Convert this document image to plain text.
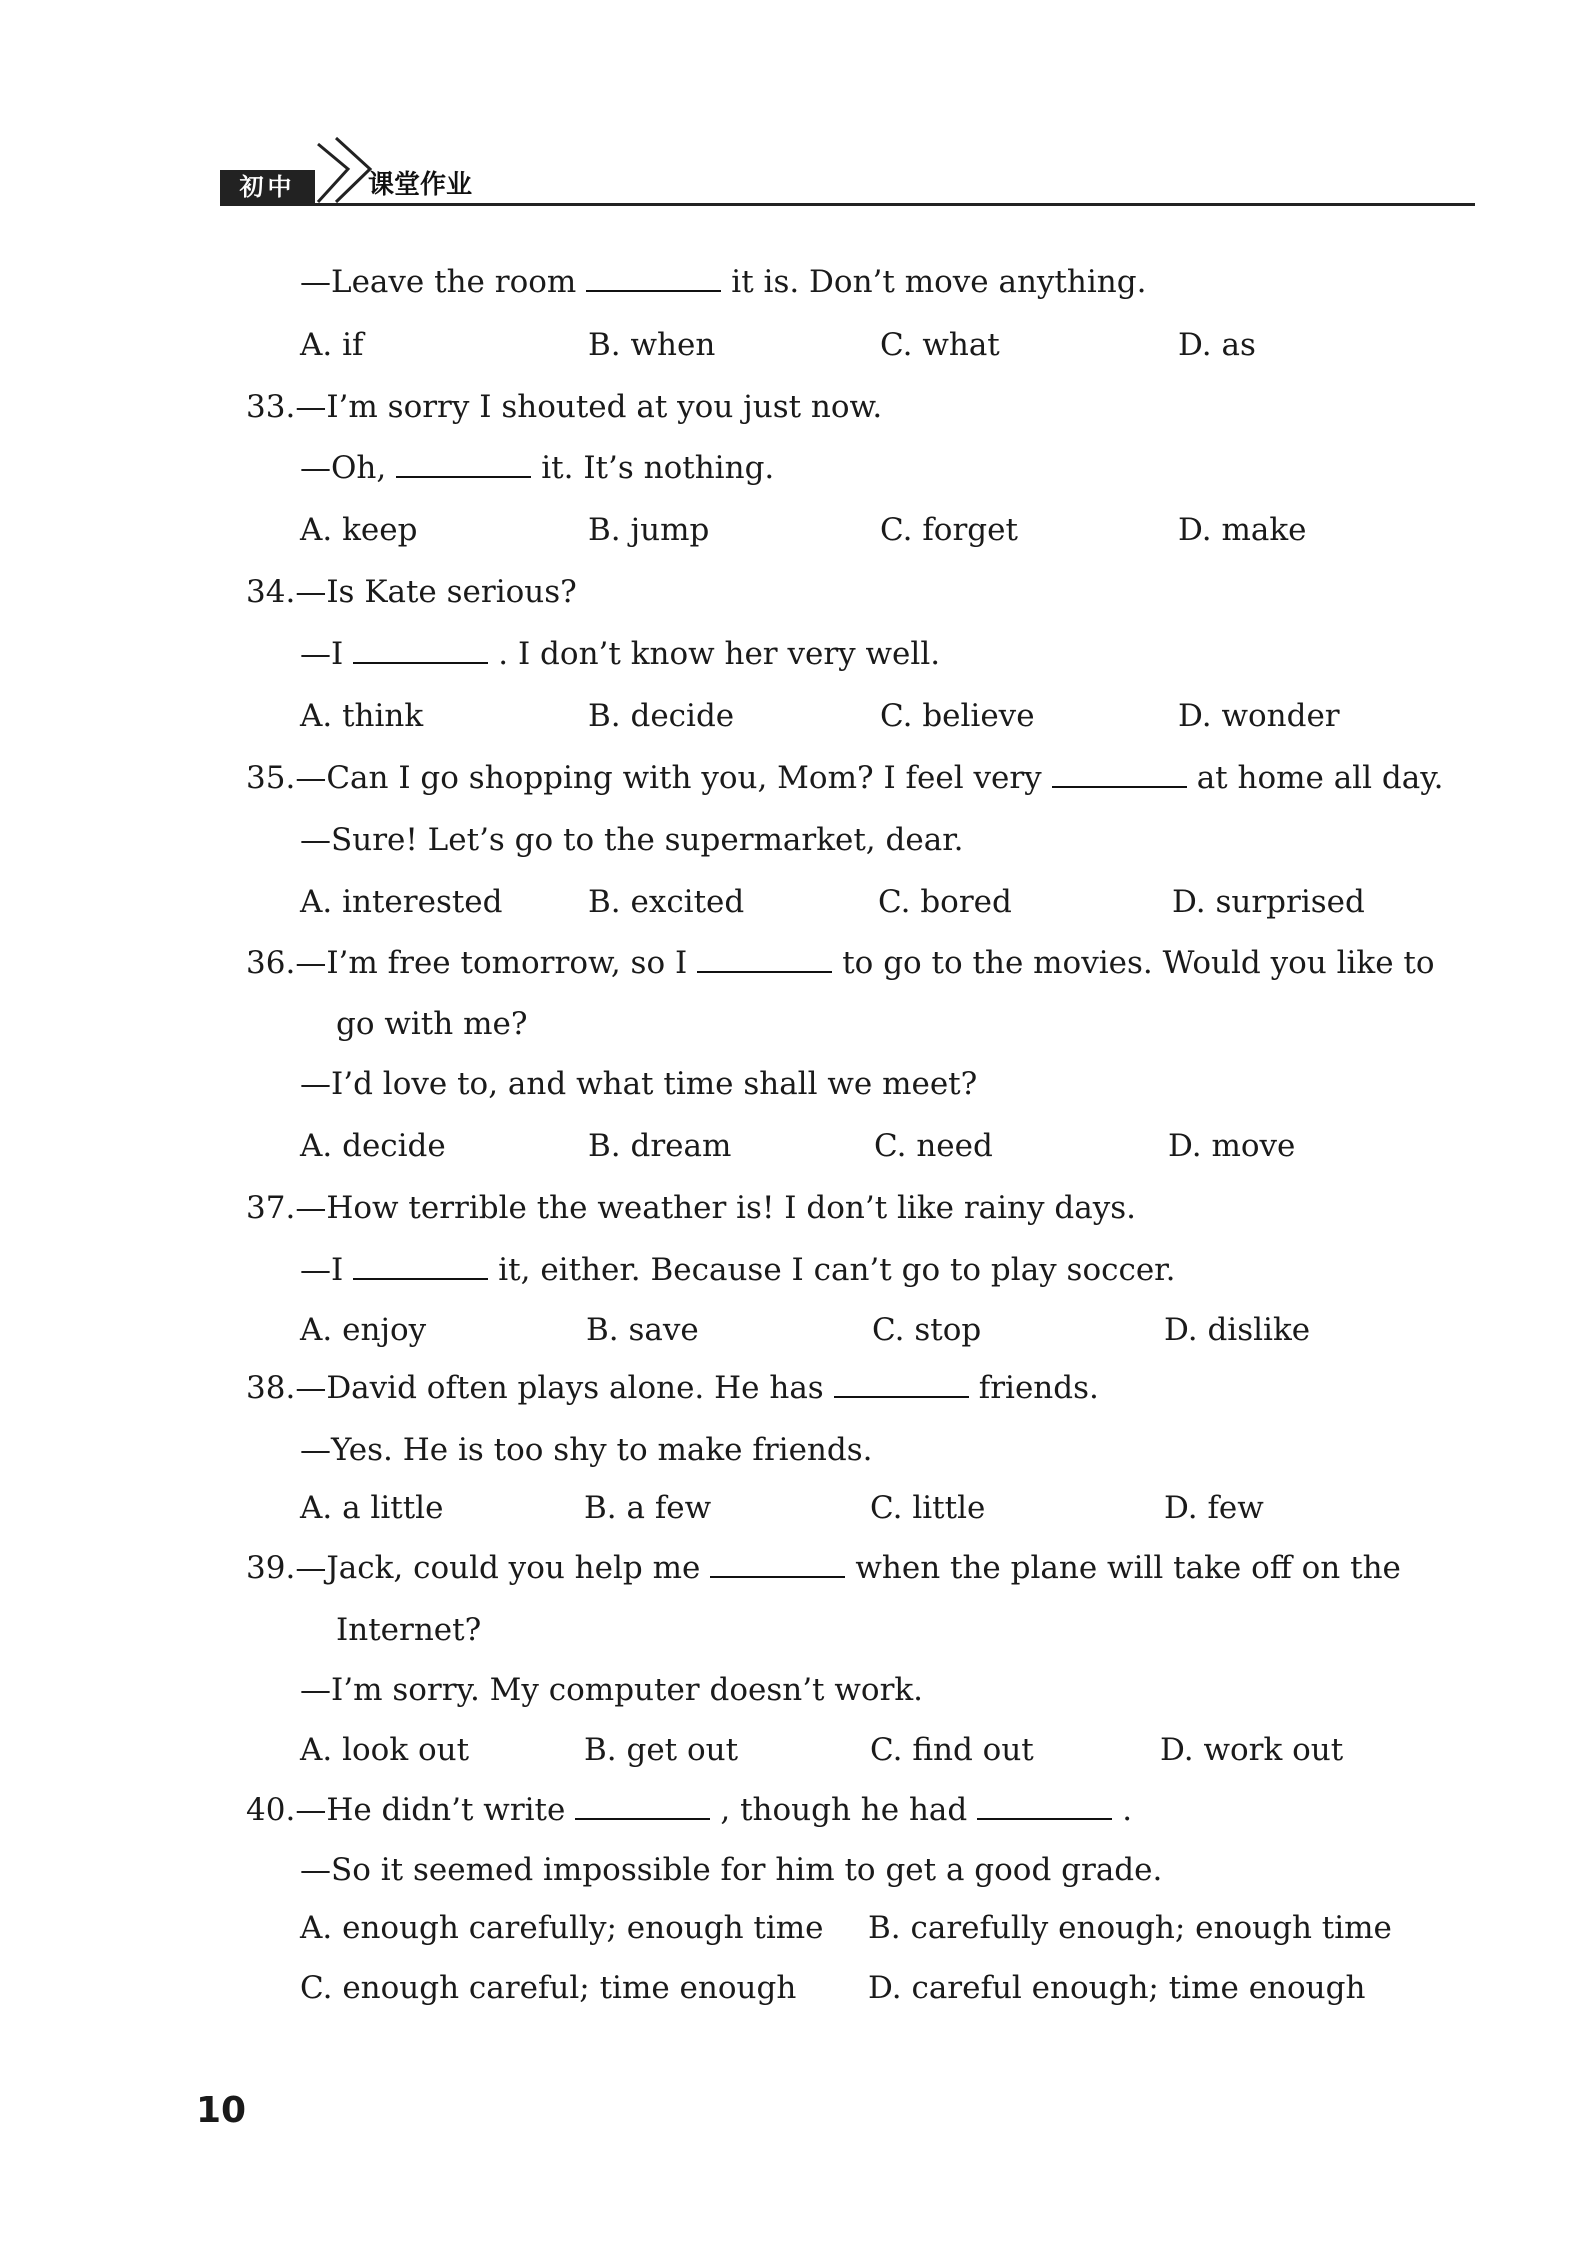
初中	课堂作业
—Leave the room	it is. Don’t move anything.
A. if	B. when	C. what	D. as
33.—I’m sorry I shouted at you just now.
—Oh,	it. It’s nothing.
A. keep	B. jump	C. forget	D. make
34.—Is Kate serious?
—I	. I don’t know her very well.
A. think	B. decide	C. believe	D. wonder
35.—Can I go shopping with you, Mom? I feel very	at home all day.
—Sure! Let’s go to the supermarket, dear.
A. interested	B. excited	C. bored	D. surprised
36.—I’m free tomorrow, so I	to go to the movies. Would you like to
go with me?
—I’d love to, and what time shall we meet?
A. decide	B. dream	C. need	D. move
37.—How terrible the weather is! I don’t like rainy days.
—I	it, either. Because I can’t go to play soccer.
A. enjoy	B. save	C. stop	D. dislike
38.—David often plays alone. He has	friends.
—Yes. He is too shy to make friends.
A. a little	B. a few	C. little	D. few
39.—Jack, could you help me	when the plane will take off on the
Internet?
—I’m sorry. My computer doesn’t work.
A. look out	B. get out	C. find out	D. work out
40.—He didn’t write	, though he had	.
—So it seemed impossible for him to get a good grade.
A. enough carefully; enough time B. carefully enough; enough time
C. enough careful; time enough D. careful enough; time enough
10
